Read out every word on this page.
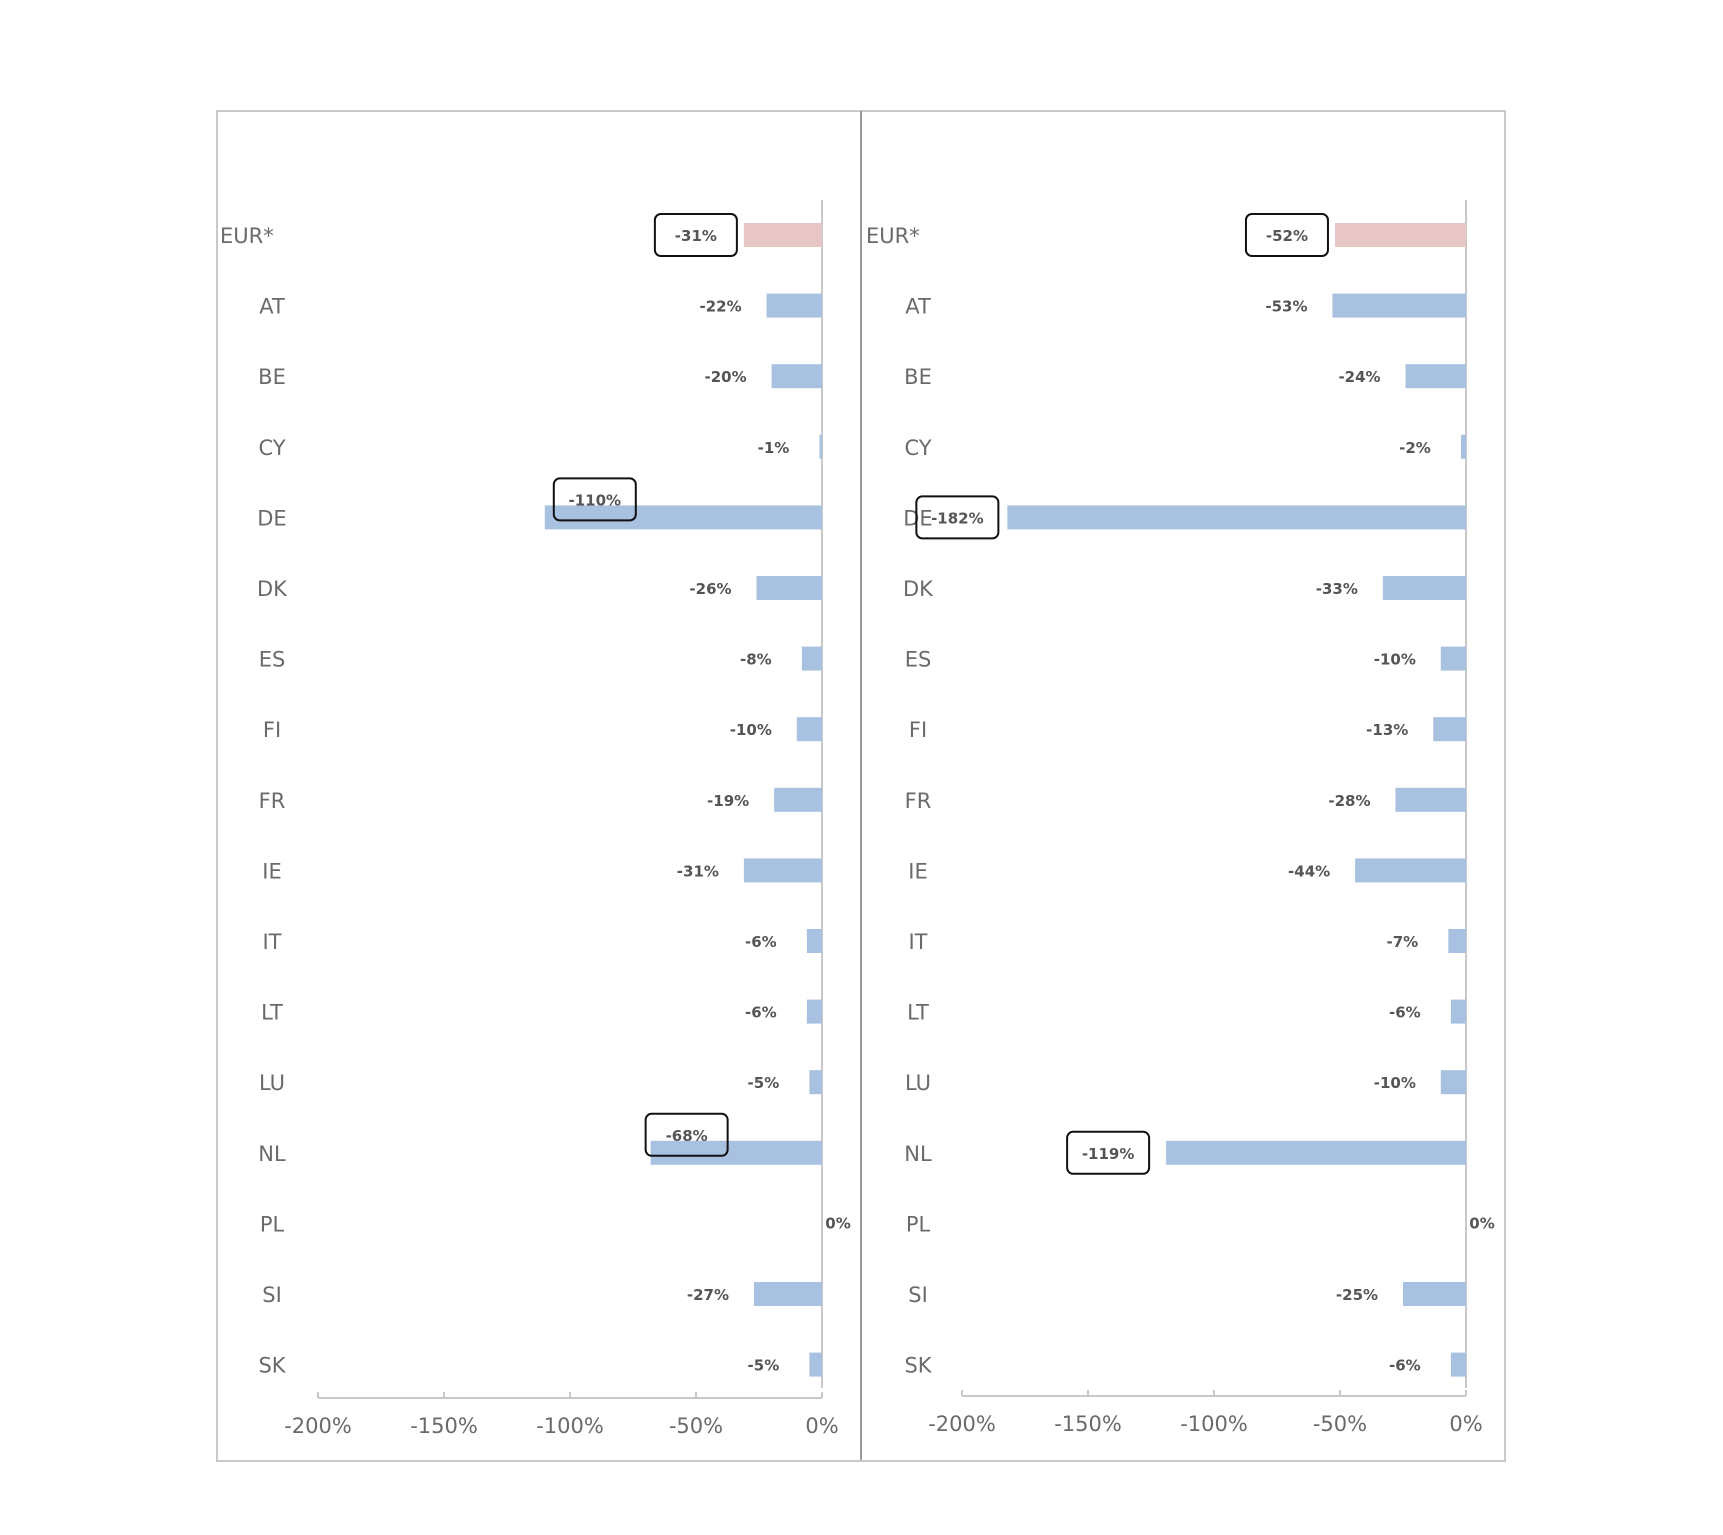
EUR*	-31%
AT	-22%
BE	-20%
CY	-1%
DE
-110%
DK	-26%
ES	-8%
FI	-10%
FR	-19%
IE	-31%
IT	-6%
LT	-6%
LU	-5%
NL
-68%
PL	0%
SI	-27%
SK	-5%
-200%	-150%	-100%	-50%	0%
EUR*	-52%
AT	-53%
BE	-24%
CY	-2%
DE
-182%
DK	-33%
ES	-10%
FI	-13%
FR	-28%
IE	-44%
IT	-7%
LT	-6%
LU	-10%
NL	-119%
PL	0%
SI	-25%
SK	-6%
-200%	-150%	-100%	-50%	0%
